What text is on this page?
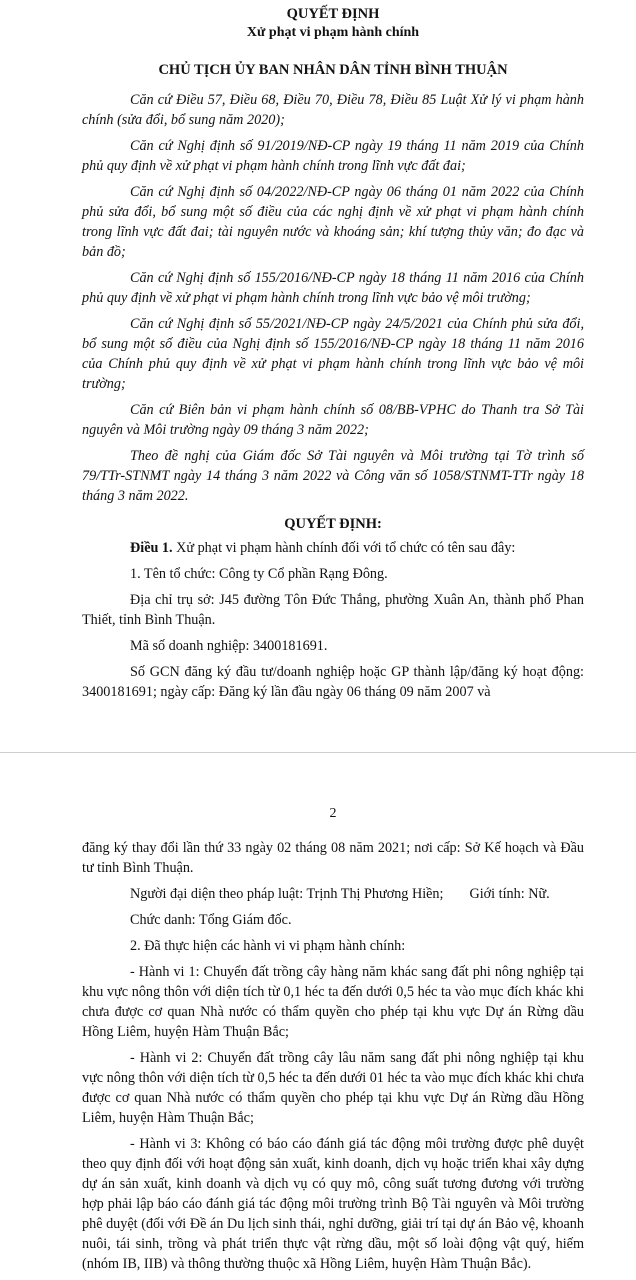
QUYẾT ĐỊNH
Xử phạt vi phạm hành chính
CHỦ TỊCH ỦY BAN NHÂN DÂN TỈNH BÌNH THUẬN
Căn cứ Điều 57, Điều 68, Điều 70, Điều 78, Điều 85 Luật Xử lý vi phạm hành chính (sửa đổi, bổ sung năm 2020);
Căn cứ Nghị định số 91/2019/NĐ-CP ngày 19 tháng 11 năm 2019 của Chính phủ quy định về xử phạt vi phạm hành chính trong lĩnh vực đất đai;
Căn cứ Nghị định số 04/2022/NĐ-CP ngày 06 tháng 01 năm 2022 của Chính phủ sửa đổi, bổ sung một số điều của các nghị định về xử phạt vi phạm hành chính trong lĩnh vực đất đai; tài nguyên nước và khoáng sản; khí tượng thủy văn; đo đạc và bản đồ;
Căn cứ Nghị định số 155/2016/NĐ-CP ngày 18 tháng 11 năm 2016 của Chính phủ quy định về xử phạt vi phạm hành chính trong lĩnh vực bảo vệ môi trường;
Căn cứ Nghị định số 55/2021/NĐ-CP ngày 24/5/2021 của Chính phủ sửa đổi, bổ sung một số điều của Nghị định số 155/2016/NĐ-CP ngày 18 tháng 11 năm 2016 của Chính phủ quy định về xử phạt vi phạm hành chính trong lĩnh vực bảo vệ môi trường;
Căn cứ Biên bản vi phạm hành chính số 08/BB-VPHC do Thanh tra Sở Tài nguyên và Môi trường ngày 09 tháng 3 năm 2022;
Theo đề nghị của Giám đốc Sở Tài nguyên và Môi trường tại Tờ trình số 79/TTr-STNMT ngày 14 tháng 3 năm 2022 và Công văn số 1058/STNMT-TTr ngày 18 tháng 3 năm 2022.
QUYẾT ĐỊNH:
Điều 1. Xử phạt vi phạm hành chính đối với tổ chức có tên sau đây:
1. Tên tổ chức: Công ty Cổ phần Rạng Đông.
Địa chỉ trụ sở: J45 đường Tôn Đức Thắng, phường Xuân An, thành phố Phan Thiết, tỉnh Bình Thuận.
Mã số doanh nghiệp: 3400181691.
Số GCN đăng ký đầu tư/doanh nghiệp hoặc GP thành lập/đăng ký hoạt động: 3400181691; ngày cấp: Đăng ký lần đầu ngày 06 tháng 09 năm 2007 và
2
đăng ký thay đổi lần thứ 33 ngày 02 tháng 08 năm 2021; nơi cấp: Sở Kế hoạch và Đầu tư tỉnh Bình Thuận.
Người đại diện theo pháp luật: Trịnh Thị Phương Hiền; Giới tính: Nữ.
Chức danh: Tổng Giám đốc.
2. Đã thực hiện các hành vi vi phạm hành chính:
- Hành vi 1: Chuyển đất trồng cây hàng năm khác sang đất phi nông nghiệp tại khu vực nông thôn với diện tích từ 0,1 héc ta đến dưới 0,5 héc ta vào mục đích khác khi chưa được cơ quan Nhà nước có thẩm quyền cho phép tại khu vực Dự án Rừng dầu Hồng Liêm, huyện Hàm Thuận Bắc;
- Hành vi 2: Chuyển đất trồng cây lâu năm sang đất phi nông nghiệp tại khu vực nông thôn với diện tích từ 0,5 héc ta đến dưới 01 héc ta vào mục đích khác khi chưa được cơ quan Nhà nước có thẩm quyền cho phép tại khu vực Dự án Rừng dầu Hồng Liêm, huyện Hàm Thuận Bắc;
- Hành vi 3: Không có báo cáo đánh giá tác động môi trường được phê duyệt theo quy định đối với hoạt động sản xuất, kinh doanh, dịch vụ hoặc triển khai xây dựng dự án sản xuất, kinh doanh và dịch vụ có quy mô, công suất tương đương với trường hợp phải lập báo cáo đánh giá tác động môi trường trình Bộ Tài nguyên và Môi trường phê duyệt (đối với Đề án Du lịch sinh thái, nghỉ dưỡng, giải trí tại dự án Bảo vệ, khoanh nuôi, tái sinh, trồng và phát triển thực vật rừng dầu, một số loài động vật quý, hiếm (nhóm IB, IIB) và thông thường thuộc xã Hồng Liêm, huyện Hàm Thuận Bắc).
